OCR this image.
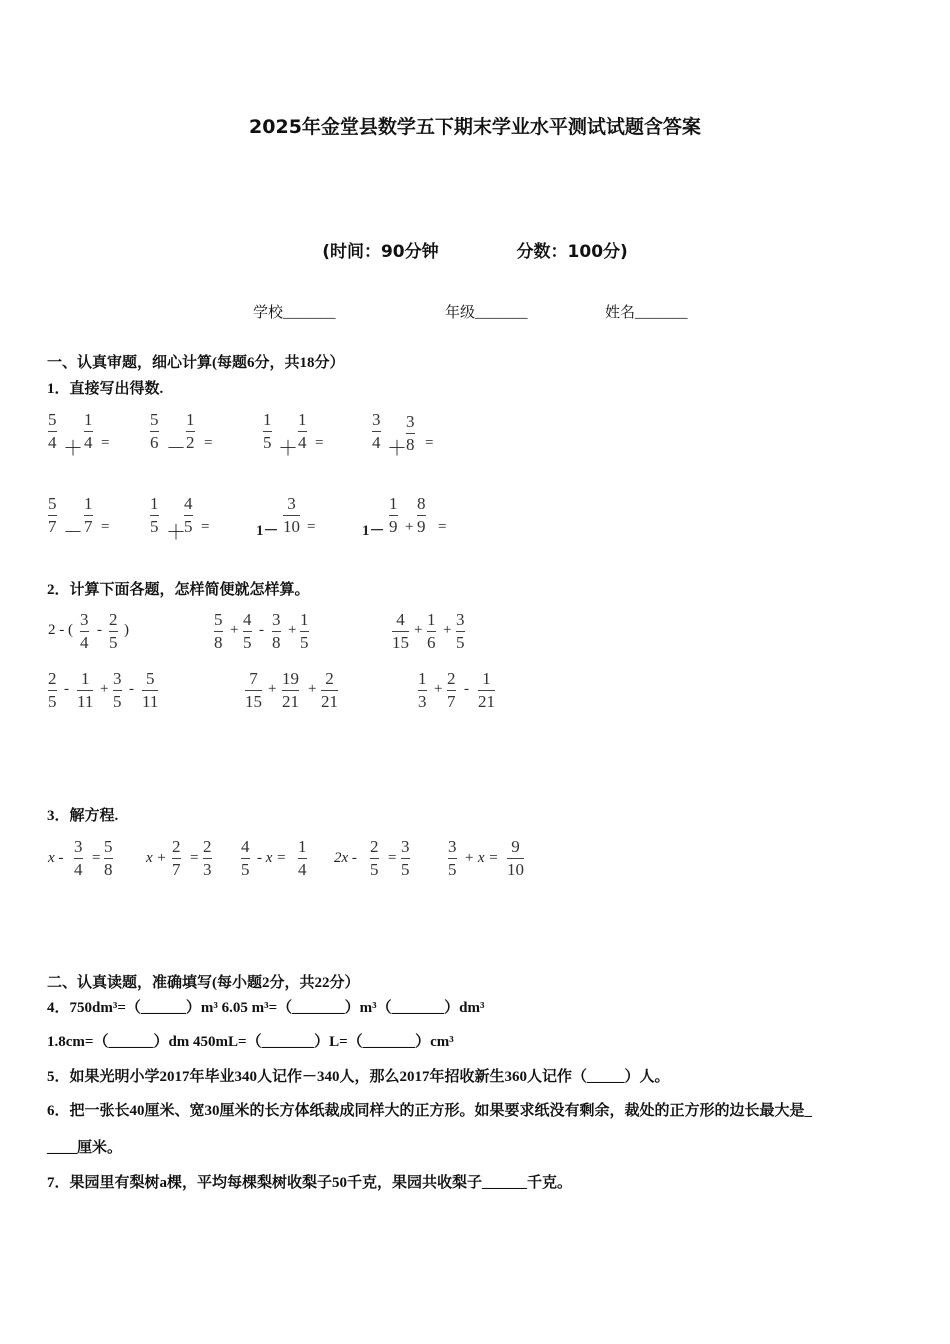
2025年金堂县数学五下期末学业水平测试试题含答案
(时间：90分钟	分数：100分)
学校_______	年级_______	姓名_______
一、认真审题，细心计算(每题6分，共18分）
1．直接写出得数.
2．计算下面各题，怎样简便就怎样算。
3．解方程.
二、认真读题，准确填写(每小题2分，共22分）
4．750dm³=（______）m³ 6.05 m³=（_______）m³（_______）dm³
1.8cm=（______）dm 450mL=（_______）L=（_______）cm³
5．如果光明小学2017年毕业340人记作－340人，那么2017年招收新生360人记作（_____）人。
6．把一张长40厘米、宽30厘米的长方体纸裁成同样大的正方形。如果要求纸没有剩余，裁处的正方形的边长最大是_
____厘米。
7．果园里有梨树a棵，平均每棵梨树收梨子50千克，果园共收梨子______千克。
5
4 ＋
1
4 =
5
6 －
1
2 =
1
5 ＋
1
4 =
3
4 ＋
3
8 =
5
7 －
1
7 =
1
5 ＋
4
5 =	1－
3
10 =	1－
1
9 +
8
9 =
2 - (
3
4
-
2
5
)
5
8
+
4
5
-
3
8
+
1
5
4
15
+
1
6
+
3
5
2
5
-
1
11
+
3
5
-
5
11
7
15
+
19
21
+
2
21
1
3
+
2
7
-
1
21
x -
3
4
=
5
8
x +
2
7
=
2
3
4
5
- x =
1
4
2x -
2
5
=
3
5
3
5
+ x =
9
10
